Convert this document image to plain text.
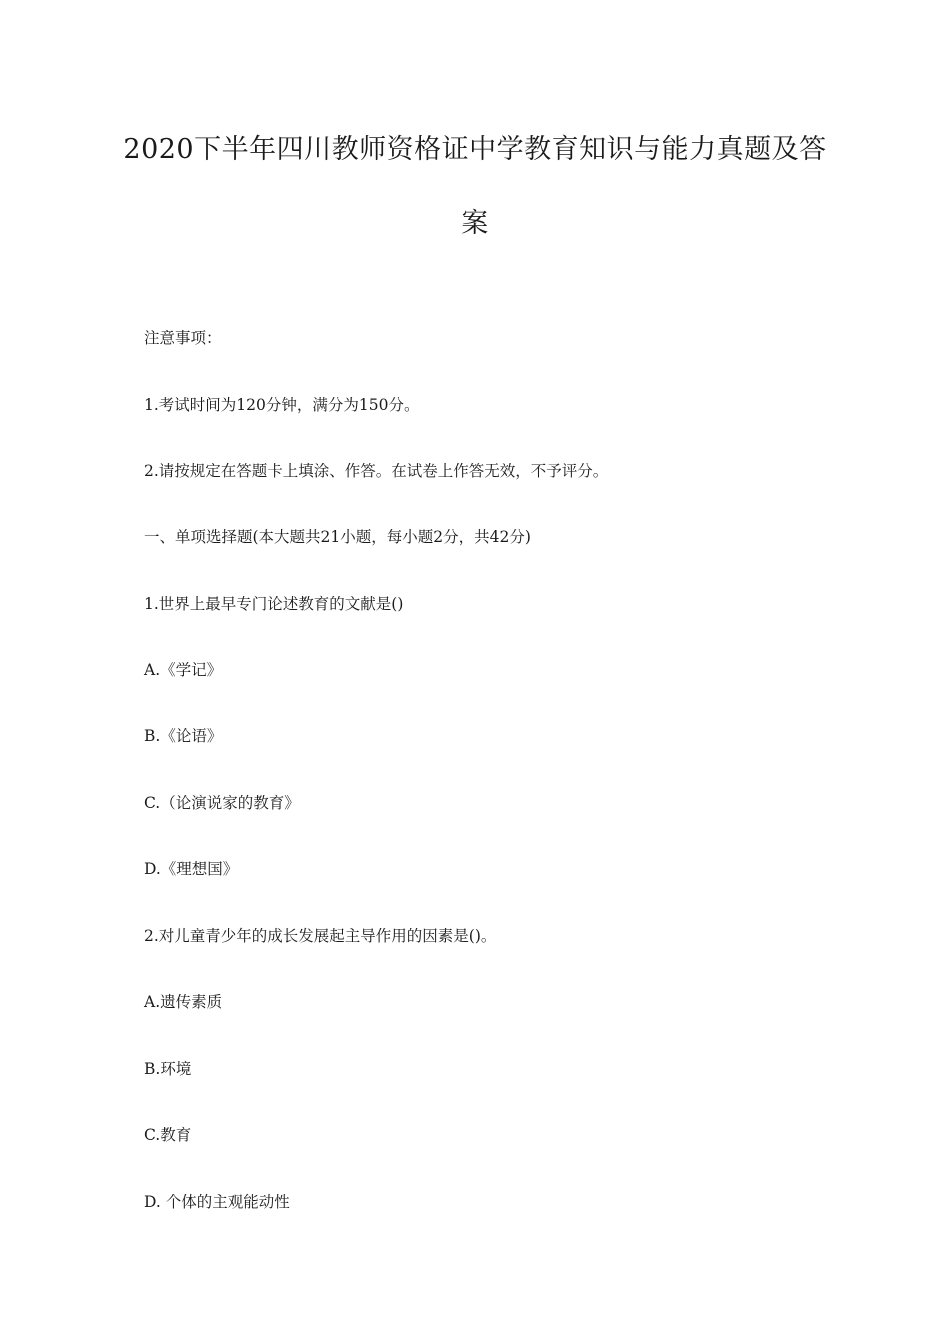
2020下半年四川教师资格证中学教育知识与能力真题及答
案
注意事项：
1.考试时间为120分钟，满分为150分。
2.请按规定在答题卡上填涂、作答。在试卷上作答无效，不予评分。
一、单项选择题(本大题共21小题，每小题2分，共42分)
1.世界上最早专门论述教育的文献是()
A.《学记》
B.《论语》
C.（论演说家的教育》
D.《理想国》
2.对儿童青少年的成长发展起主导作用的因素是()。
A.遗传素质
B.环境
C.教育
D. 个体的主观能动性
